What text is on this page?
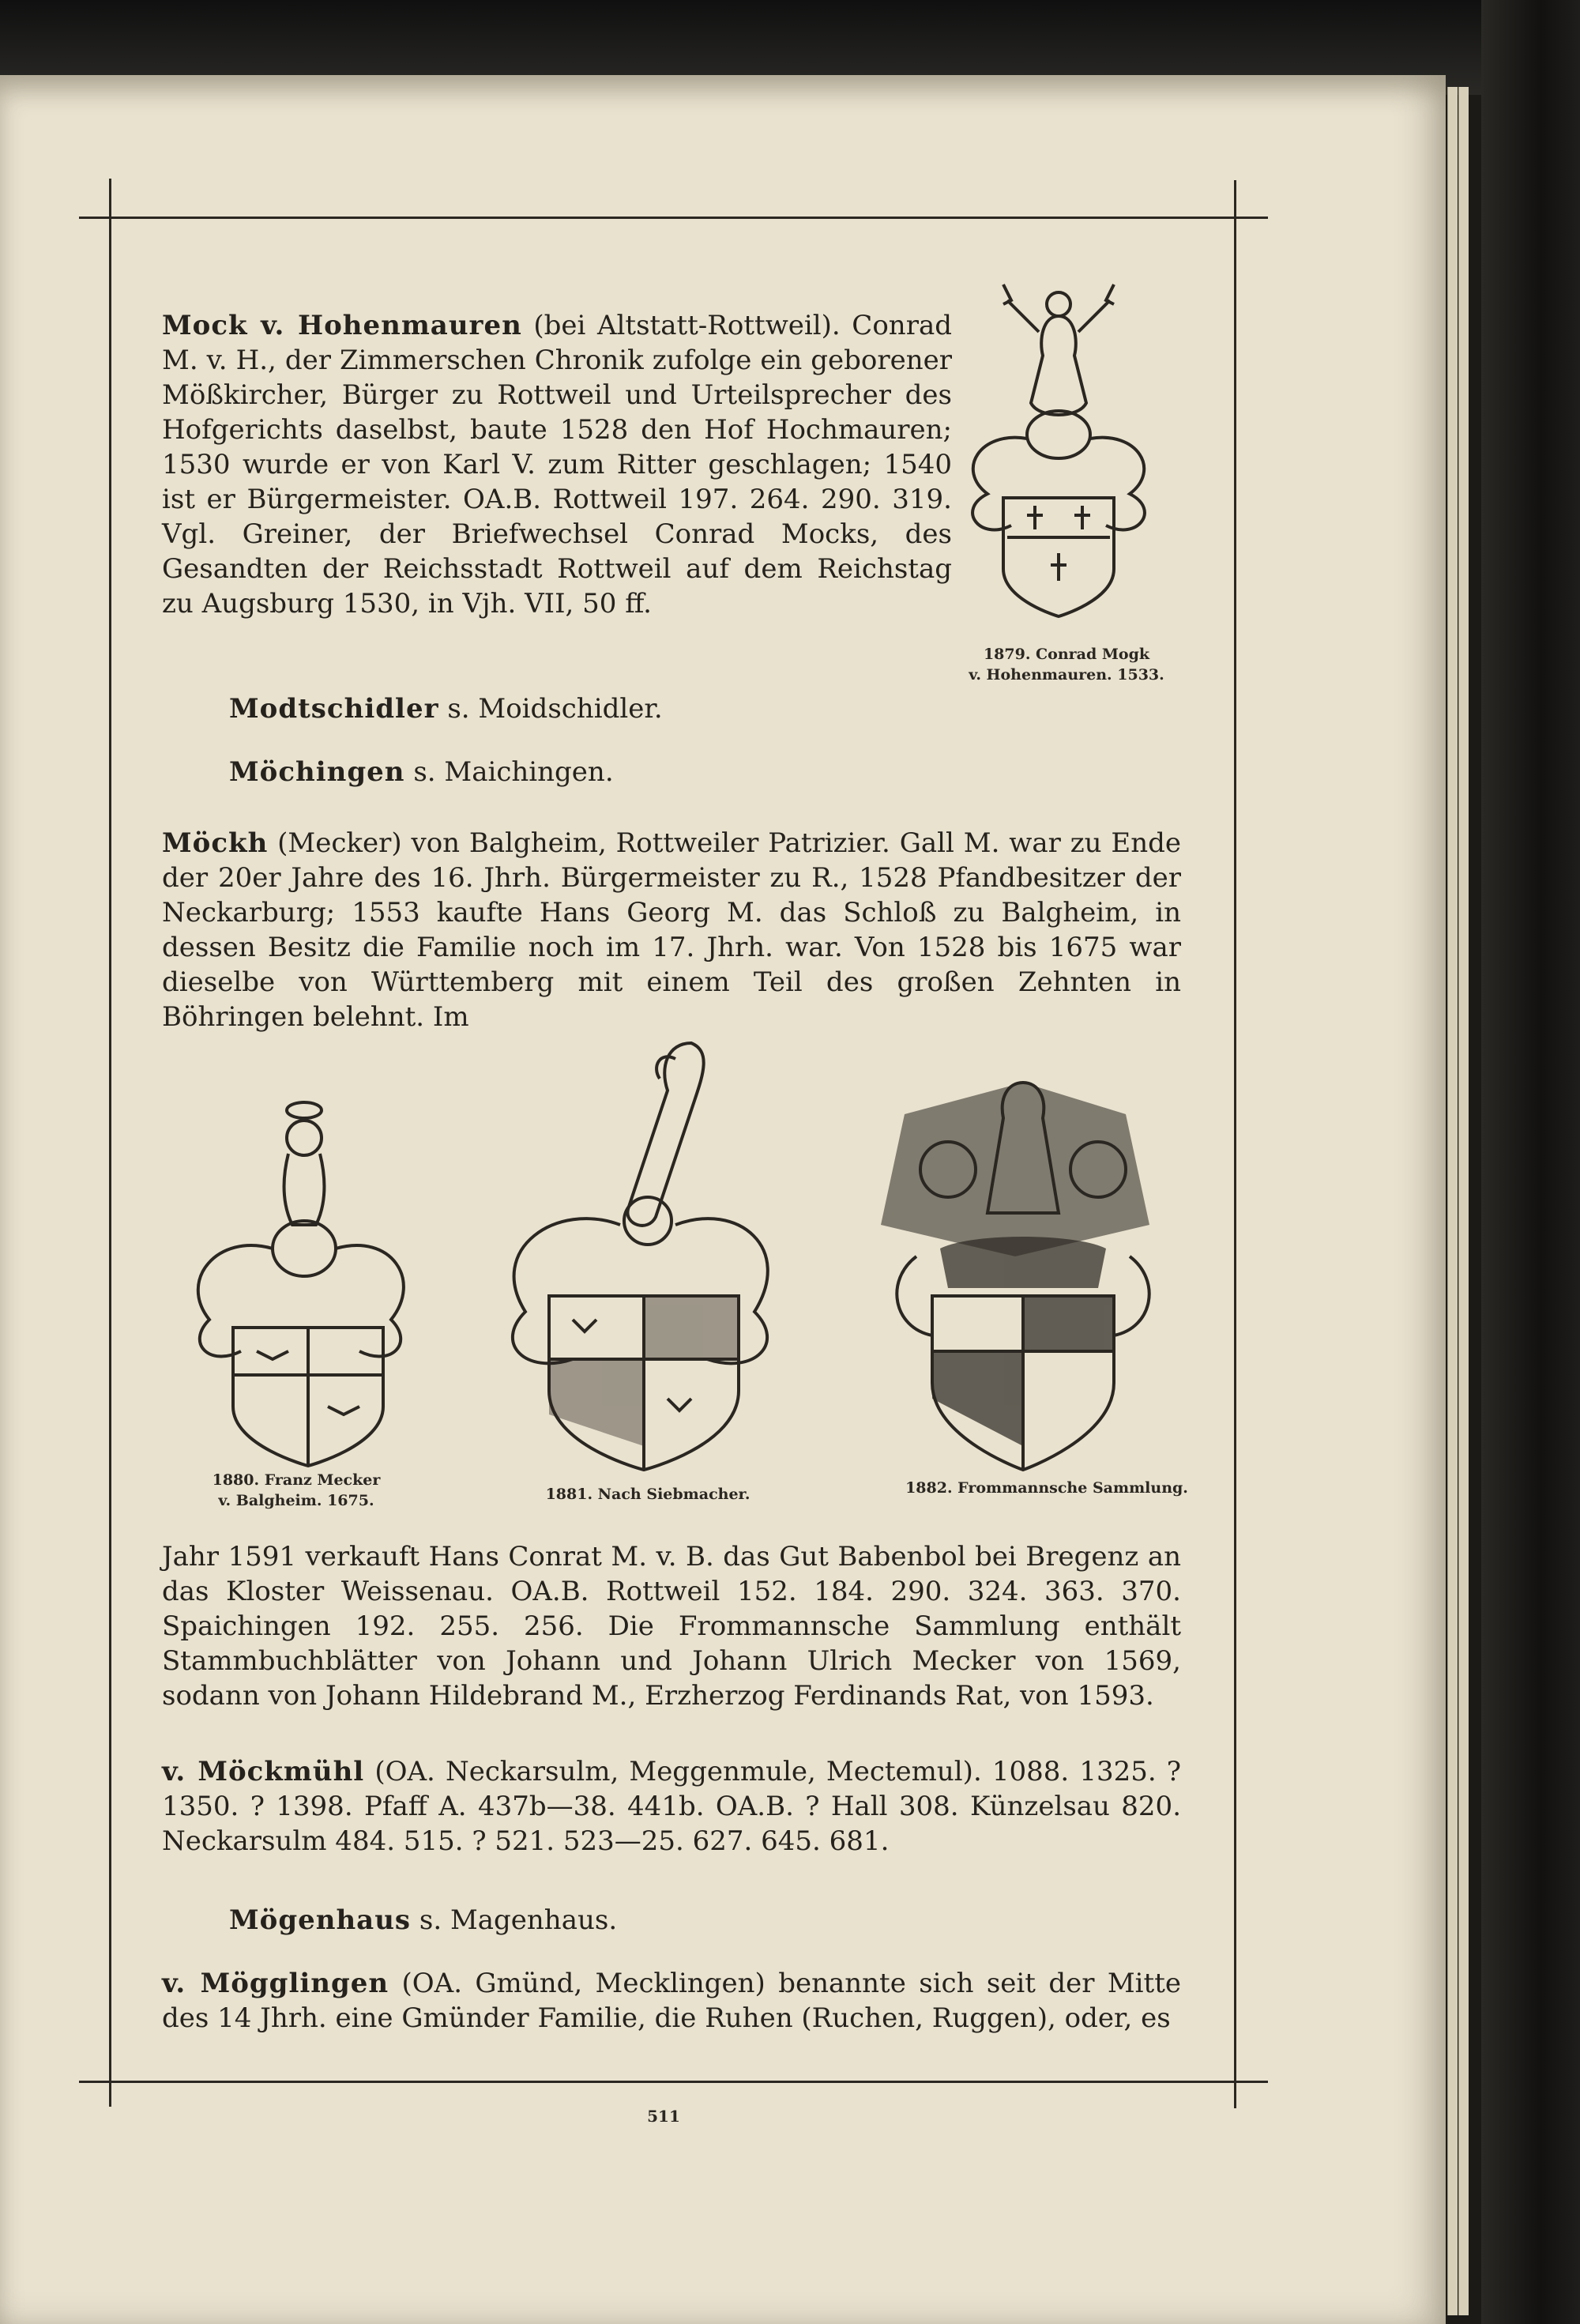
Mock v. Hohenmauren (bei Altstatt-Rottweil). Conrad M. v. H., der Zimmerschen Chronik zufolge ein geborener Mößkircher, Bürger zu Rottweil und Urteilsprecher des Hofgerichts daselbst, baute 1528 den Hof Hochmauren; 1530 wurde er von Karl V. zum Ritter geschlagen; 1540 ist er Bürgermeister. OA.B. Rottweil 197. 264. 290. 319. Vgl. Greiner, der Briefwechsel Conrad Mocks, des Gesandten der Reichsstadt Rottweil auf dem Reichstag zu Augsburg 1530, in Vjh. VII, 50 ff.

1879. Conrad Mogk
v. Hohenmauren. 1533.

Modtschidler s. Moidschidler.

Möchingen s. Maichingen.

Möckh (Mecker) von Balgheim, Rottweiler Patrizier. Gall M. war zu Ende der 20er Jahre des 16. Jhrh. Bürgermeister zu R., 1528 Pfandbesitzer der Neckarburg; 1553 kaufte Hans Georg M. das Schloß zu Balgheim, in dessen Besitz die Familie noch im 17. Jhrh. war. Von 1528 bis 1675 war dieselbe von Württemberg mit einem Teil des großen Zehnten in Böhringen belehnt. Im

1880. Franz Mecker
v. Balgheim. 1675.	1881. Nach Siebmacher.	1882. Frommannsche Sammlung.

Jahr 1591 verkauft Hans Conrat M. v. B. das Gut Babenbol bei Bregenz an das Kloster Weissenau. OA.B. Rottweil 152. 184. 290. 324. 363. 370. Spaichingen 192. 255. 256. Die Frommannsche Sammlung enthält Stammbuchblätter von Johann und Johann Ulrich Mecker von 1569, sodann von Johann Hildebrand M., Erzherzog Ferdinands Rat, von 1593.

v. Möckmühl (OA. Neckarsulm, Meggenmule, Mectemul). 1088. 1325. ? 1350. ? 1398. Pfaff A. 437b—38. 441b. OA.B. ? Hall 308. Künzelsau 820. Neckarsulm 484. 515. ? 521. 523—25. 627. 645. 681.

Mögenhaus s. Magenhaus.

v. Mögglingen (OA. Gmünd, Mecklingen) benannte sich seit der Mitte des 14 Jhrh. eine Gmünder Familie, die Ruhen (Ruchen, Ruggen), oder, es

511
